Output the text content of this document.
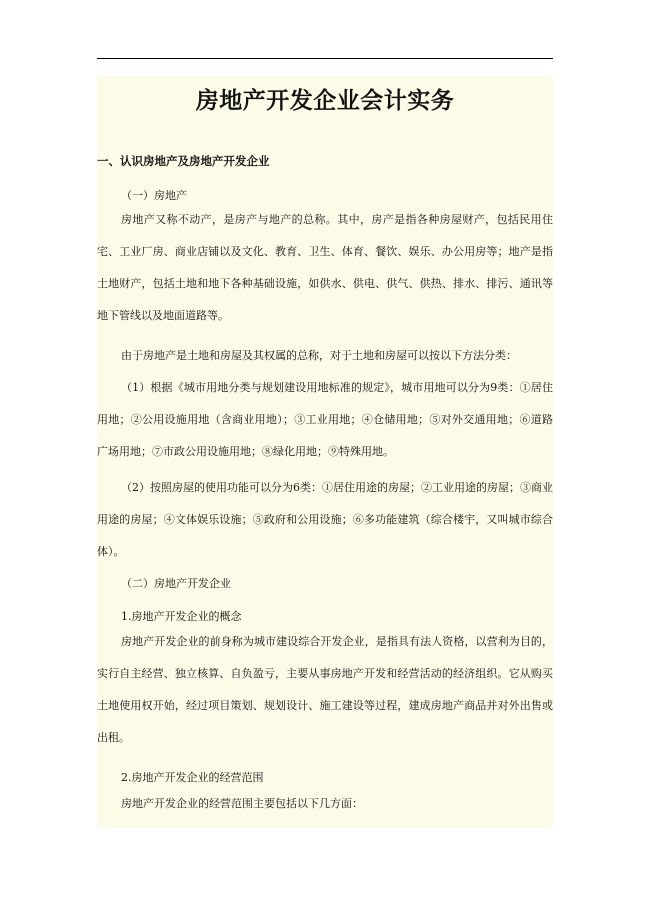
房地产开发企业会计实务
一、认识房地产及房地产开发企业
（一）房地产

房地产又称不动产，是房产与地产的总称。其中，房产是指各种房屋财产，包括民用住宅、工业厂房、商业店铺以及文化、教育、卫生、体育、餐饮、娱乐、办公用房等；地产是指土地财产，包括土地和地下各种基础设施，如供水、供电、供气、供热、排水、排污、通讯等地下管线以及地面道路等。

由于房地产是土地和房屋及其权属的总称，对于土地和房屋可以按以下方法分类：

（1）根据《城市用地分类与规划建设用地标准的规定》，城市用地可以分为9类：①居住用地；②公用设施用地（含商业用地）；③工业用地；④仓储用地；⑤对外交通用地；⑥道路广场用地；⑦市政公用设施用地；⑧绿化用地；⑨特殊用地。

（2）按照房屋的使用功能可以分为6类：①居住用途的房屋；②工业用途的房屋；③商业用途的房屋；④文体娱乐设施；⑤政府和公用设施；⑥多功能建筑（综合楼宇，又叫城市综合体）。

（二）房地产开发企业
1.房地产开发企业的概念

房地产开发企业的前身称为城市建设综合开发企业，是指具有法人资格，以营利为目的，实行自主经营、独立核算、自负盈亏，主要从事房地产开发和经营活动的经济组织。它从购买土地使用权开始，经过项目策划、规划设计、施工建设等过程，建成房地产商品并对外出售或出租。

2.房地产开发企业的经营范围

房地产开发企业的经营范围主要包括以下几方面：
